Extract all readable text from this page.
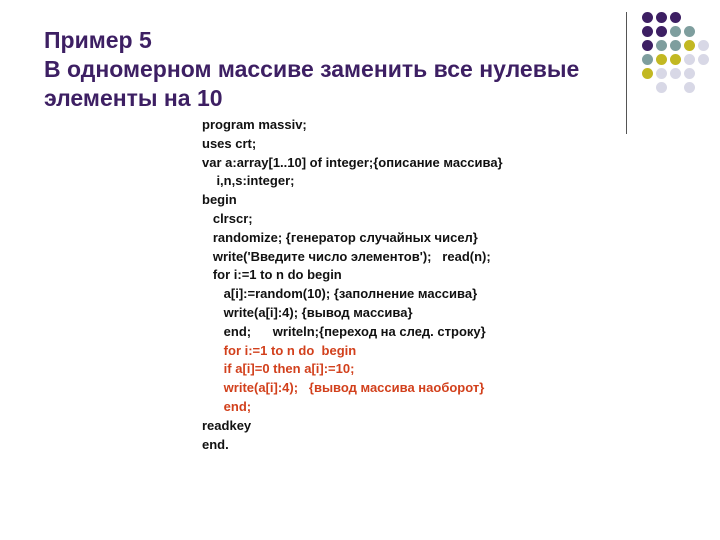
Пример 5
В одномерном массиве заменить все нулевые
элементы на 10
program massiv;
uses crt;
var a:array[1..10] of integer;{описание массива}
i,n,s:integer;
begin
clrscr;
randomize; {генератор случайных чисел}
write('Введите число элементов');   read(n);
for i:=1 to n do begin
a[i]:=random(10); {заполнение массива}
write(a[i]:4); {вывод массива}
end;      writeln;{переход на след. строку}
for i:=1 to n do  begin
if a[i]=0 then a[i]:=10;
write(a[i]:4);   {вывод массива наоборот}
end;
readkey
end.
